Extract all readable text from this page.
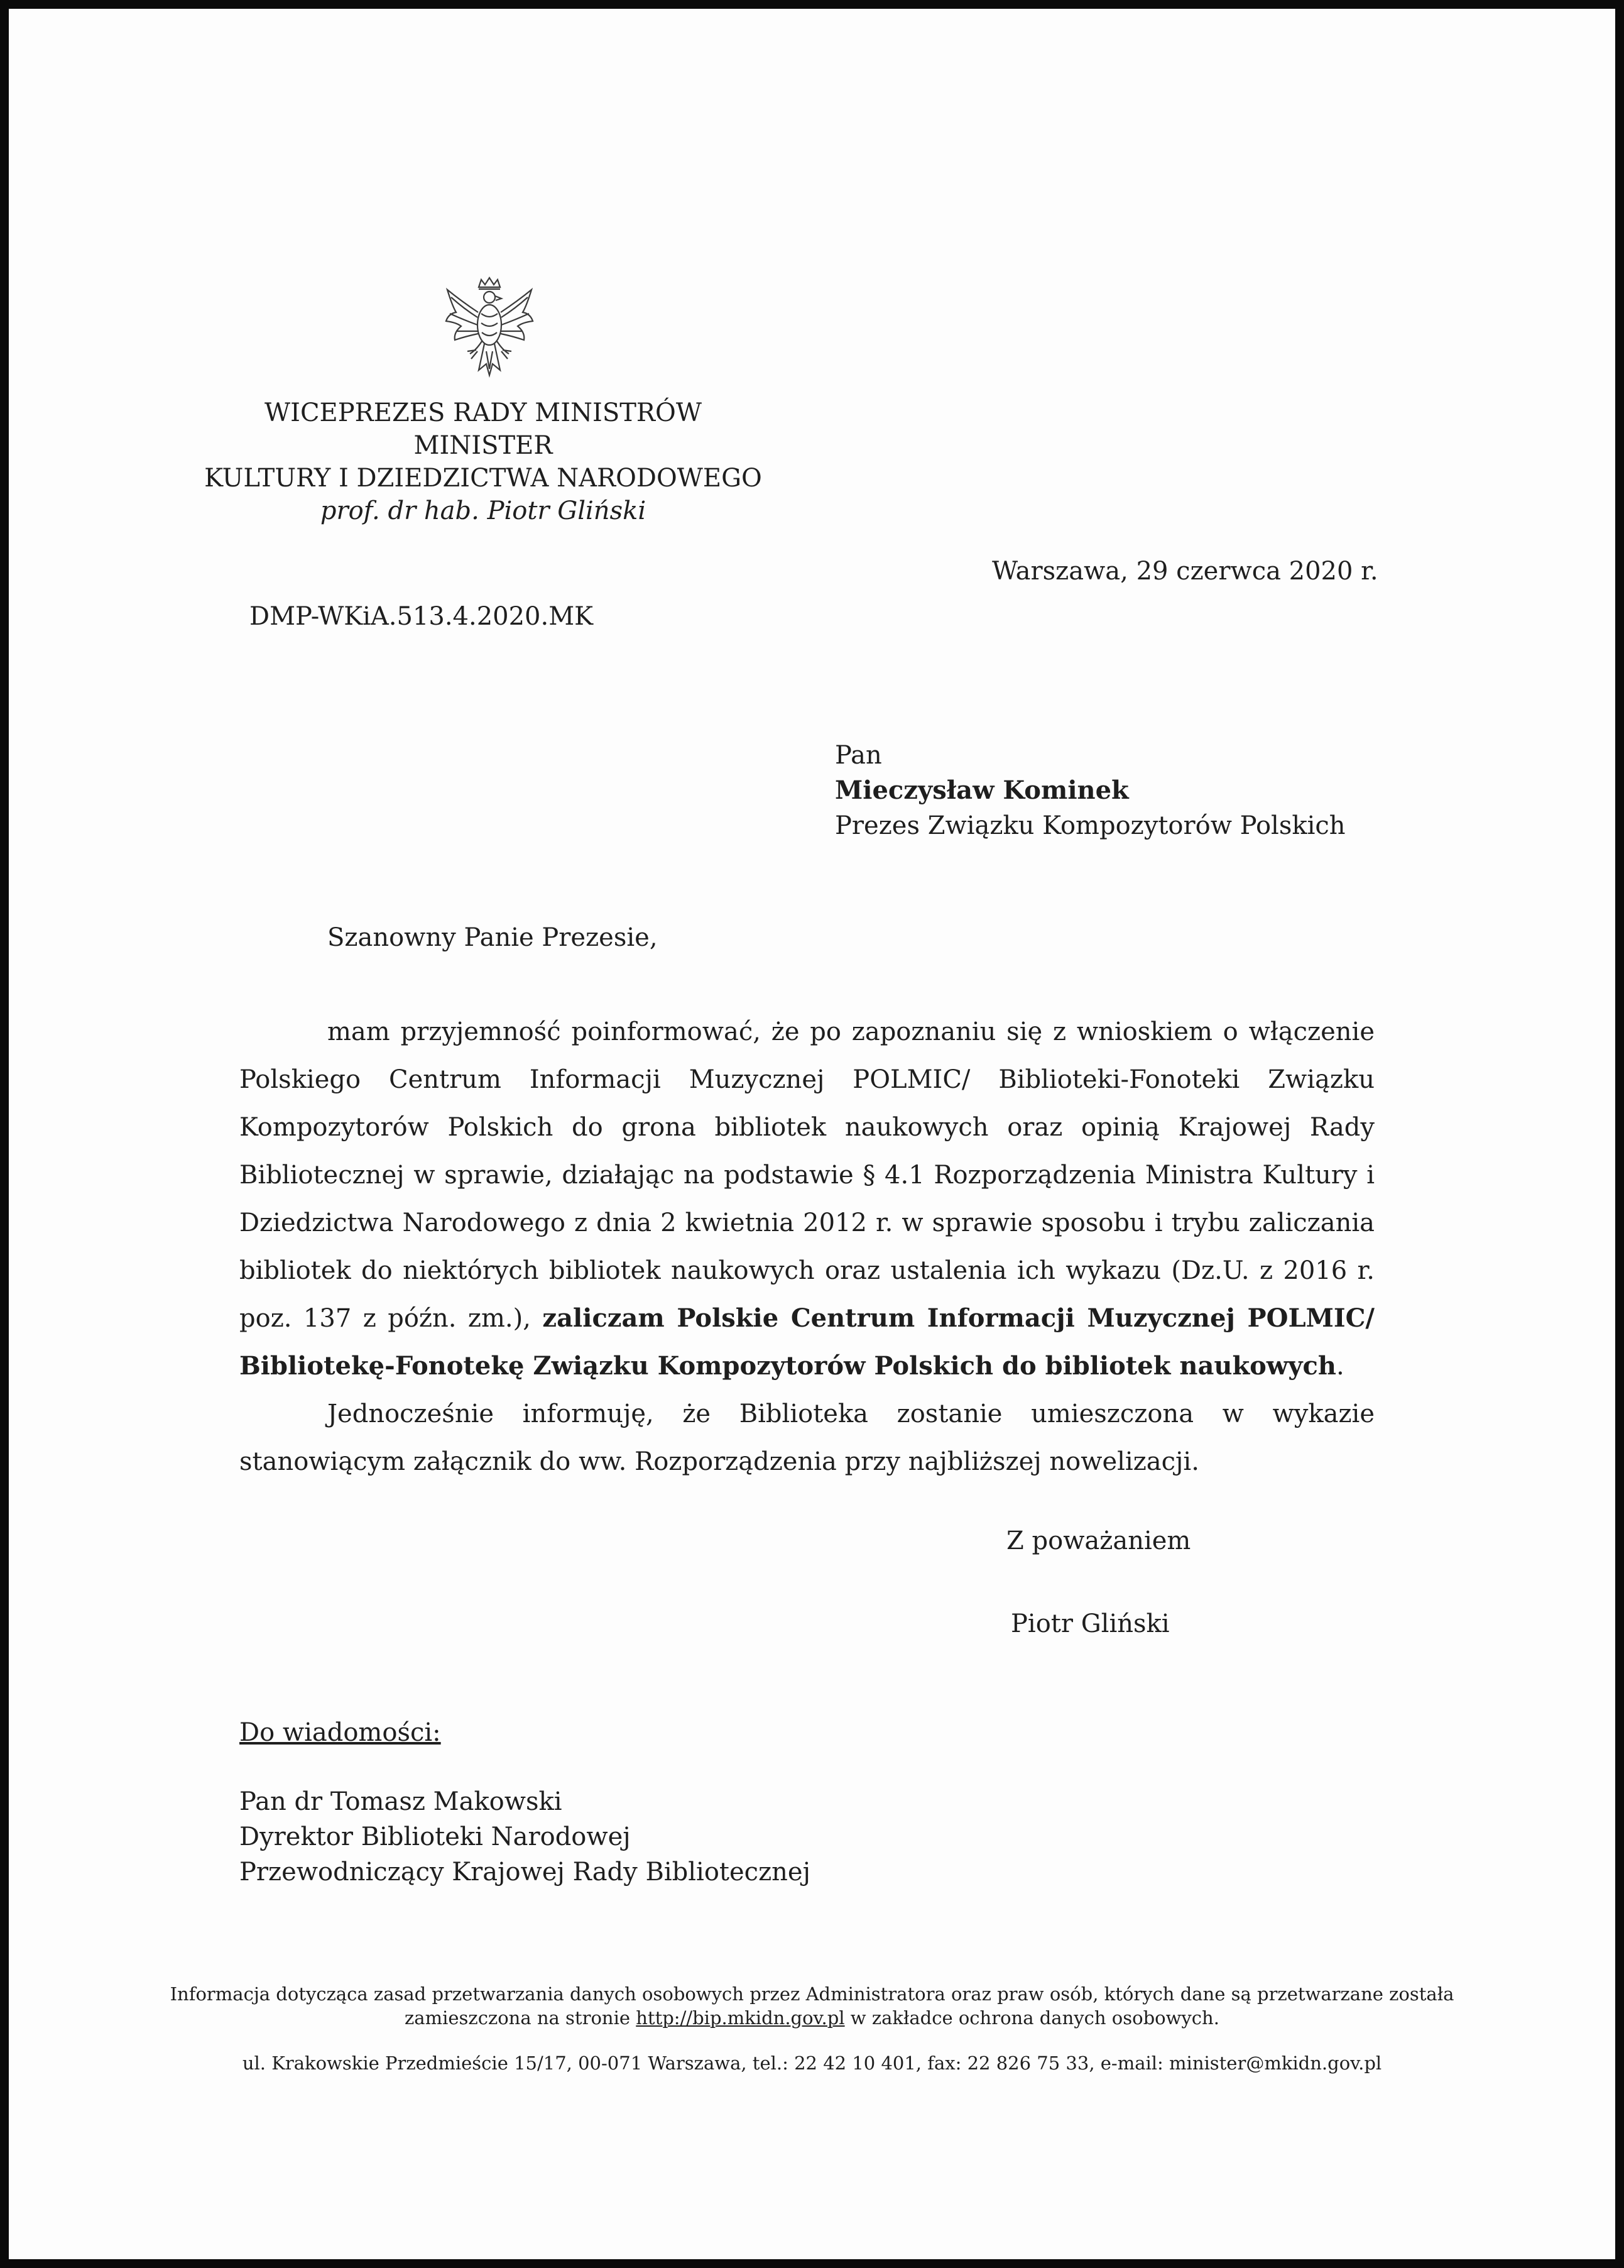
WICEPREZES RADY MINISTRÓW
MINISTER
KULTURY I DZIEDZICTWA NARODOWEGO
prof. dr hab. Piotr Gliński
Warszawa, 29 czerwca 2020 r.
DMP-WKiA.513.4.2020.MK
Pan
Mieczysław Kominek
Prezes Związku Kompozytorów Polskich
Szanowny Panie Prezesie,

mam przyjemność poinformować, że po zapoznaniu się z wnioskiem o włączenie Polskiego Centrum Informacji Muzycznej POLMIC/ Biblioteki-Fonoteki Związku Kompozytorów Polskich do grona bibliotek naukowych oraz opinią Krajowej Rady Bibliotecznej w sprawie, działając na podstawie § 4.1 Rozporządzenia Ministra Kultury i Dziedzictwa Narodowego z dnia 2 kwietnia 2012 r. w sprawie sposobu i trybu zaliczania bibliotek do niektórych bibliotek naukowych oraz ustalenia ich wykazu (Dz.U. z 2016 r. poz. 137 z późn. zm.), zaliczam Polskie Centrum Informacji Muzycznej POLMIC/ Bibliotekę-Fonotekę Związku Kompozytorów Polskich do bibliotek naukowych.

Jednocześnie informuję, że Biblioteka zostanie umieszczona w wykazie stanowiącym załącznik do ww. Rozporządzenia przy najbliższej nowelizacji.

Z poważaniem
Piotr Gliński
Do wiadomości:
Pan dr Tomasz Makowski
Dyrektor Biblioteki Narodowej
Przewodniczący Krajowej Rady Bibliotecznej
Informacja dotycząca zasad przetwarzania danych osobowych przez Administratora oraz praw osób, których dane są przetwarzane została zamieszczona na stronie http://bip.mkidn.gov.pl w zakładce ochrona danych osobowych.
ul. Krakowskie Przedmieście 15/17, 00-071 Warszawa, tel.: 22 42 10 401, fax: 22 826 75 33, e-mail: minister@mkidn.gov.pl
